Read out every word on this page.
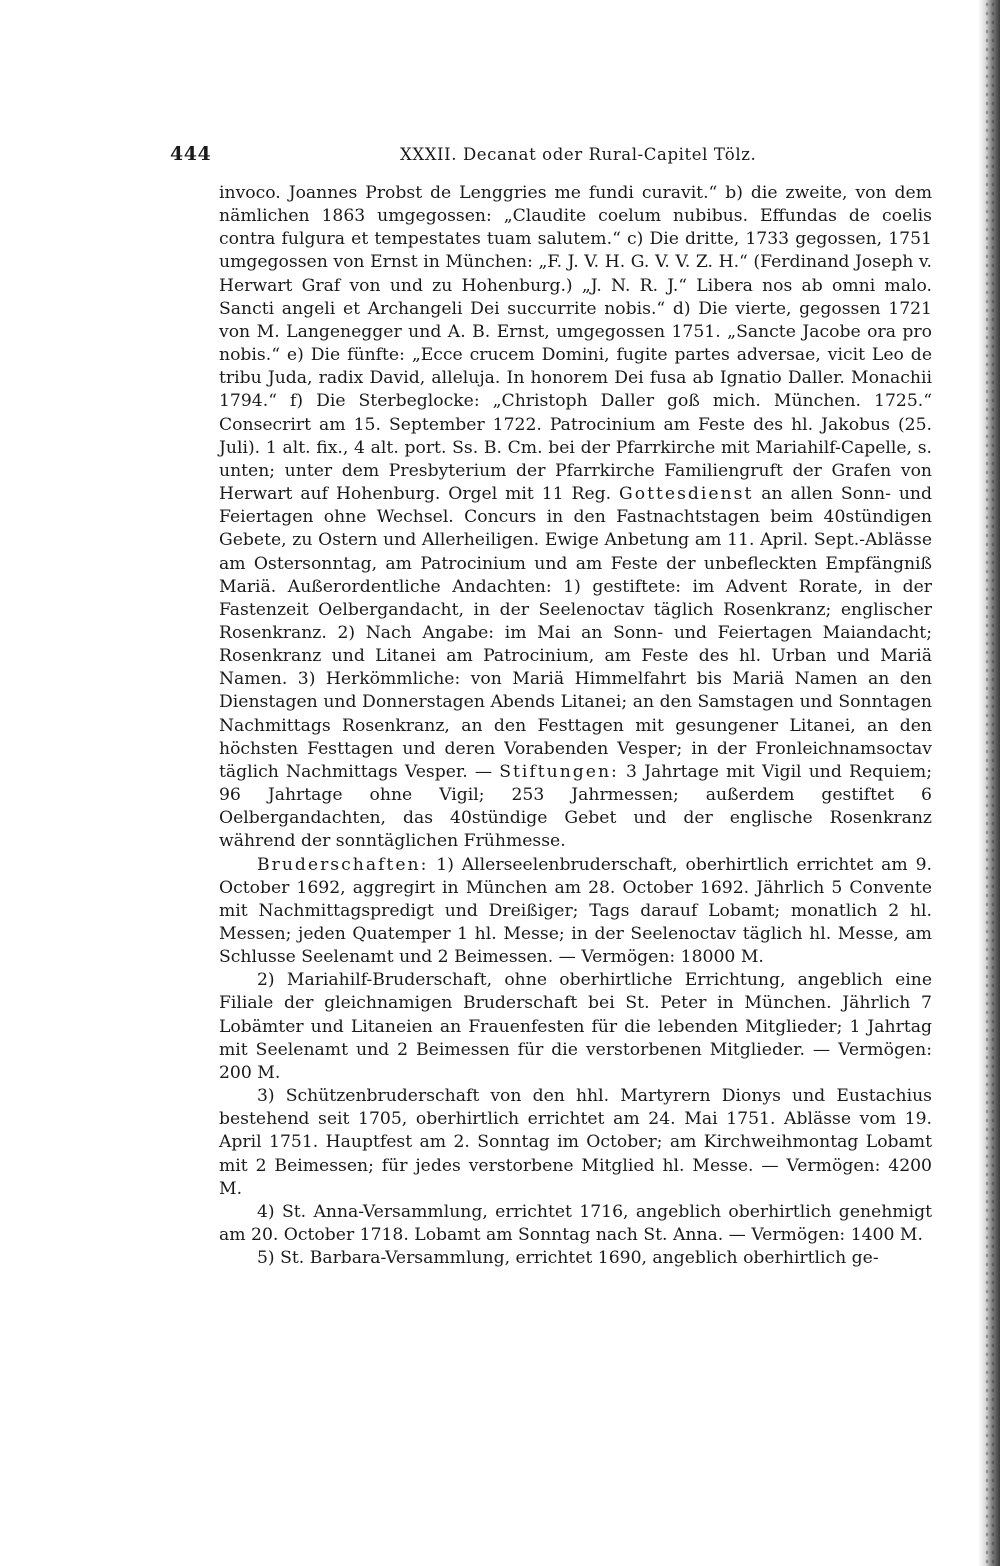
444	XXXII. Decanat oder Rural-Capitel Tölz.

invoco. Joannes Probst de Lenggries me fundi curavit.“ b) die zweite, von dem nämlichen 1863 umgegossen: „Claudite coelum nubibus. Effundas de coelis contra fulgura et tempestates tuam salutem.“ c) Die dritte, 1733 gegossen, 1751 umgegossen von Ernst in München: „F. J. V. H. G. V. V. Z. H.“ (Ferdinand Joseph v. Herwart Graf von und zu Hohenburg.) „J. N. R. J.“ Libera nos ab omni malo. Sancti angeli et Archangeli Dei succurrite nobis.“ d) Die vierte, gegossen 1721 von M. Langenegger und A. B. Ernst, umgegossen 1751. „Sancte Jacobe ora pro nobis.“ e) Die fünfte: „Ecce crucem Domini, fugite partes adversae, vicit Leo de tribu Juda, radix David, alleluja. In honorem Dei fusa ab Ignatio Daller. Monachii 1794.“ f) Die Sterbeglocke: „Christoph Daller goß mich. München. 1725.“ Consecrirt am 15. September 1722. Patrocinium am Feste des hl. Jakobus (25. Juli). 1 alt. fix., 4 alt. port. Ss. B. Cm. bei der Pfarrkirche mit Mariahilf-Capelle, s. unten; unter dem Presbyterium der Pfarrkirche Familiengruft der Grafen von Herwart auf Hohenburg. Orgel mit 11 Reg. Gottesdienst an allen Sonn- und Feiertagen ohne Wechsel. Concurs in den Fastnachtstagen beim 40stündigen Gebete, zu Ostern und Allerheiligen. Ewige Anbetung am 11. April. Sept.-Ablässe am Ostersonntag, am Patrocinium und am Feste der unbefleckten Empfängniß Mariä. Außerordentliche Andachten: 1) gestiftete: im Advent Rorate, in der Fastenzeit Oelbergandacht, in der Seelenoctav täglich Rosenkranz; englischer Rosenkranz. 2) Nach Angabe: im Mai an Sonn- und Feiertagen Maiandacht; Rosenkranz und Litanei am Patrocinium, am Feste des hl. Urban und Mariä Namen. 3) Herkömmliche: von Mariä Himmelfahrt bis Mariä Namen an den Dienstagen und Donnerstagen Abends Litanei; an den Samstagen und Sonntagen Nachmittags Rosenkranz, an den Festtagen mit gesungener Litanei, an den höchsten Festtagen und deren Vorabenden Vesper; in der Fronleichnamsoctav täglich Nachmittags Vesper. — Stiftungen: 3 Jahrtage mit Vigil und Requiem; 96 Jahrtage ohne Vigil; 253 Jahrmessen; außerdem gestiftet 6 Oelbergandachten, das 40stündige Gebet und der englische Rosenkranz während der sonntäglichen Frühmesse.

Bruderschaften: 1) Allerseelenbruderschaft, oberhirtlich errichtet am 9. October 1692, aggregirt in München am 28. October 1692. Jährlich 5 Convente mit Nachmittagspredigt und Dreißiger; Tags darauf Lobamt; monatlich 2 hl. Messen; jeden Quatemper 1 hl. Messe; in der Seelenoctav täglich hl. Messe, am Schlusse Seelenamt und 2 Beimessen. — Vermögen: 18000 M.

2) Mariahilf-Bruderschaft, ohne oberhirtliche Errichtung, angeblich eine Filiale der gleichnamigen Bruderschaft bei St. Peter in München. Jährlich 7 Lobämter und Litaneien an Frauenfesten für die lebenden Mitglieder; 1 Jahrtag mit Seelenamt und 2 Beimessen für die verstorbenen Mitglieder. — Vermögen: 200 M.

3) Schützenbruderschaft von den hhl. Martyrern Dionys und Eustachius bestehend seit 1705, oberhirtlich errichtet am 24. Mai 1751. Ablässe vom 19. April 1751. Hauptfest am 2. Sonntag im October; am Kirchweihmontag Lobamt mit 2 Beimessen; für jedes verstorbene Mitglied hl. Messe. — Vermögen: 4200 M.

4) St. Anna-Versammlung, errichtet 1716, angeblich oberhirtlich genehmigt am 20. October 1718. Lobamt am Sonntag nach St. Anna. — Vermögen: 1400 M.

5) St. Barbara-Versammlung, errichtet 1690, angeblich oberhirtlich ge-
